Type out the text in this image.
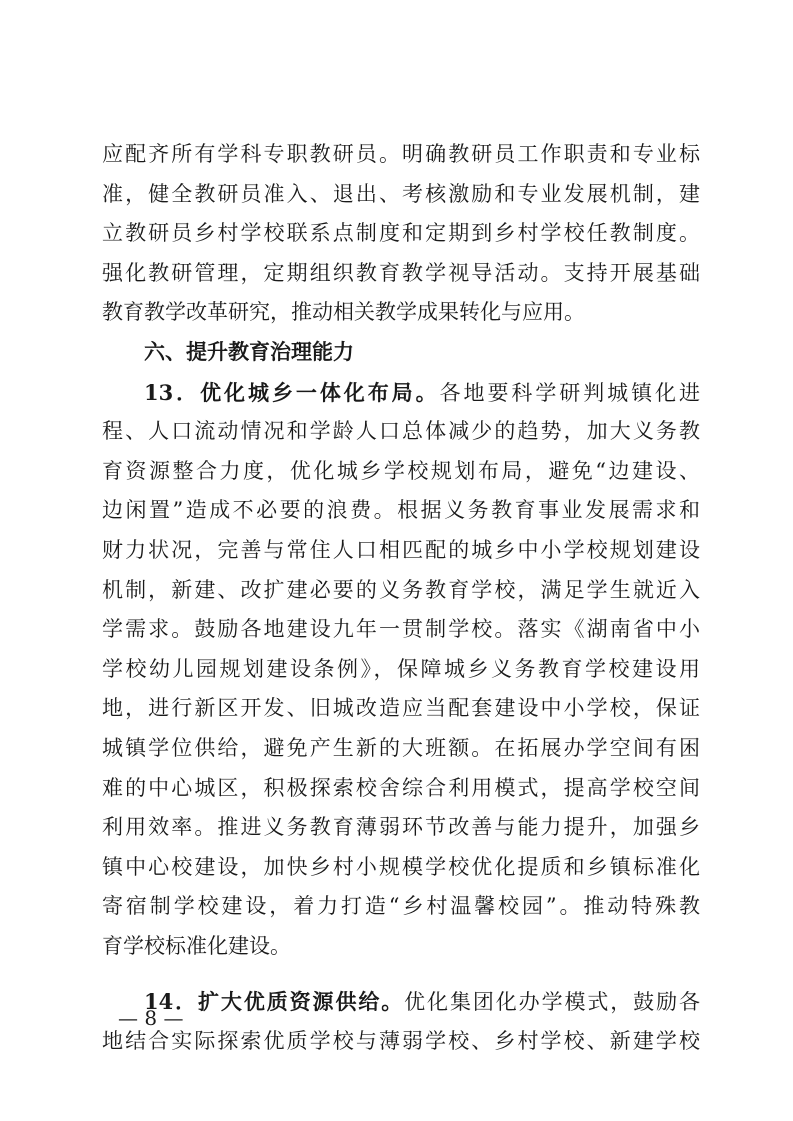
应配齐所有学科专职教研员。明确教研员工作职责和专业标
准，健全教研员准入、退出、考核激励和专业发展机制，建
立教研员乡村学校联系点制度和定期到乡村学校任教制度。
强化教研管理，定期组织教育教学视导活动。支持开展基础
教育教学改革研究，推动相关教学成果转化与应用。
六、提升教育治理能力
13．优化城乡一体化布局。各地要科学研判城镇化进
程、人口流动情况和学龄人口总体减少的趋势，加大义务教
育资源整合力度，优化城乡学校规划布局，避免“边建设、
边闲置”造成不必要的浪费。根据义务教育事业发展需求和
财力状况，完善与常住人口相匹配的城乡中小学校规划建设
机制，新建、改扩建必要的义务教育学校，满足学生就近入
学需求。鼓励各地建设九年一贯制学校。落实《湖南省中小
学校幼儿园规划建设条例》，保障城乡义务教育学校建设用
地，进行新区开发、旧城改造应当配套建设中小学校，保证
城镇学位供给，避免产生新的大班额。在拓展办学空间有困
难的中心城区，积极探索校舍综合利用模式，提高学校空间
利用效率。推进义务教育薄弱环节改善与能力提升，加强乡
镇中心校建设，加快乡村小规模学校优化提质和乡镇标准化
寄宿制学校建设，着力打造“乡村温馨校园”。推动特殊教
育学校标准化建设。
14．扩大优质资源供给。优化集团化办学模式，鼓励各
地结合实际探索优质学校与薄弱学校、乡村学校、新建学校
— 8 —
